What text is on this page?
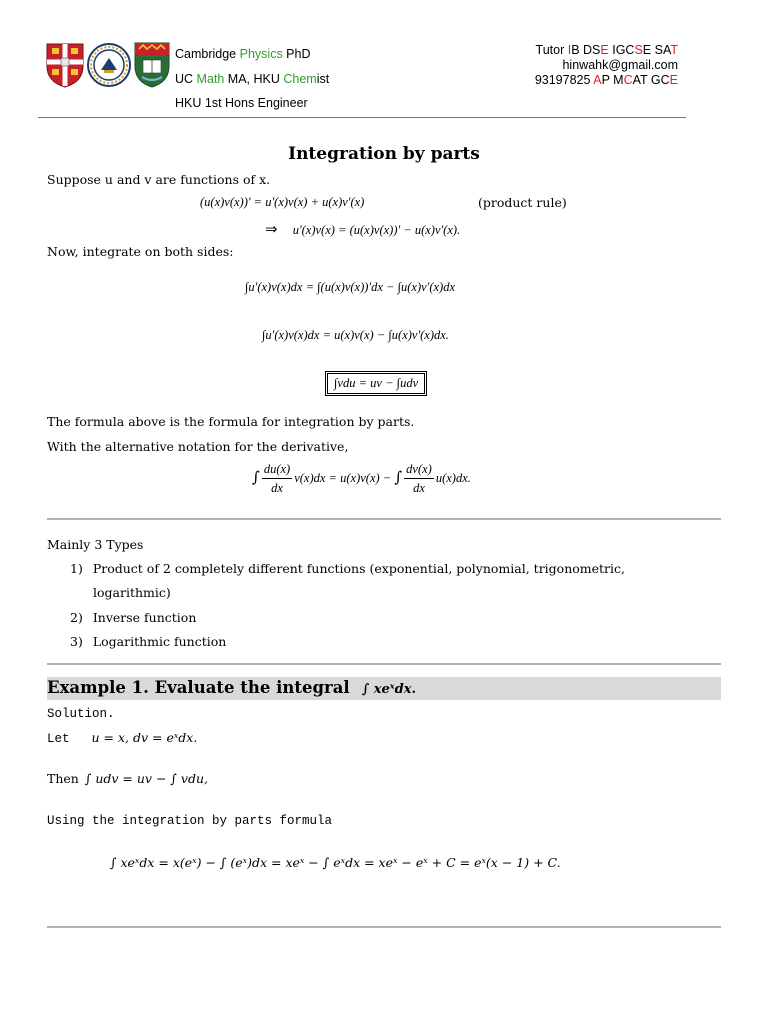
Cambridge Physics PhD
UC Math MA, HKU Chemist
HKU 1st Hons Engineer
Tutor IB DSE IGCSE SAT
hinwahk@gmail.com
93197825 AP MCAT GCE
Integration by parts
Suppose u and v are functions of x.
(u(x)v(x))' = u'(x)v(x) + u(x)v'(x)	(product rule)
⇒ u'(x)v(x) = (u(x)v(x))' − u(x)v'(x).
Now, integrate on both sides:
∫u'(x)v(x)dx = ∫(u(x)v(x))'dx − ∫u(x)v'(x)dx
∫u'(x)v(x)dx = u(x)v(x) − ∫u(x)v'(x)dx.
∫vdu = uv − ∫udv
The formula above is the formula for integration by parts.
With the alternative notation for the derivative,
∫ $\frac{du(x)}{dx} v(x)dx = u(x)v(x)$ − ∫ $\frac{dv(x)}{dx} u(x)dx$.
Mainly 3 Types
1) Product of 2 completely different functions (exponential, polynomial, trigonometric,
logarithmic)
2) Inverse function
3) Logarithmic function
Example 1. Evaluate the integral ∫ xeˣdx.
Solution.
Let u = x, dv = eˣdx.
Then ∫ udv = uv − ∫ vdu,
Using the integration by parts formula
∫ xeˣdx = x(eˣ) − ∫ (eˣ)dx = xeˣ − ∫ eˣdx = xeˣ − eˣ + C = eˣ(x − 1) + C.
